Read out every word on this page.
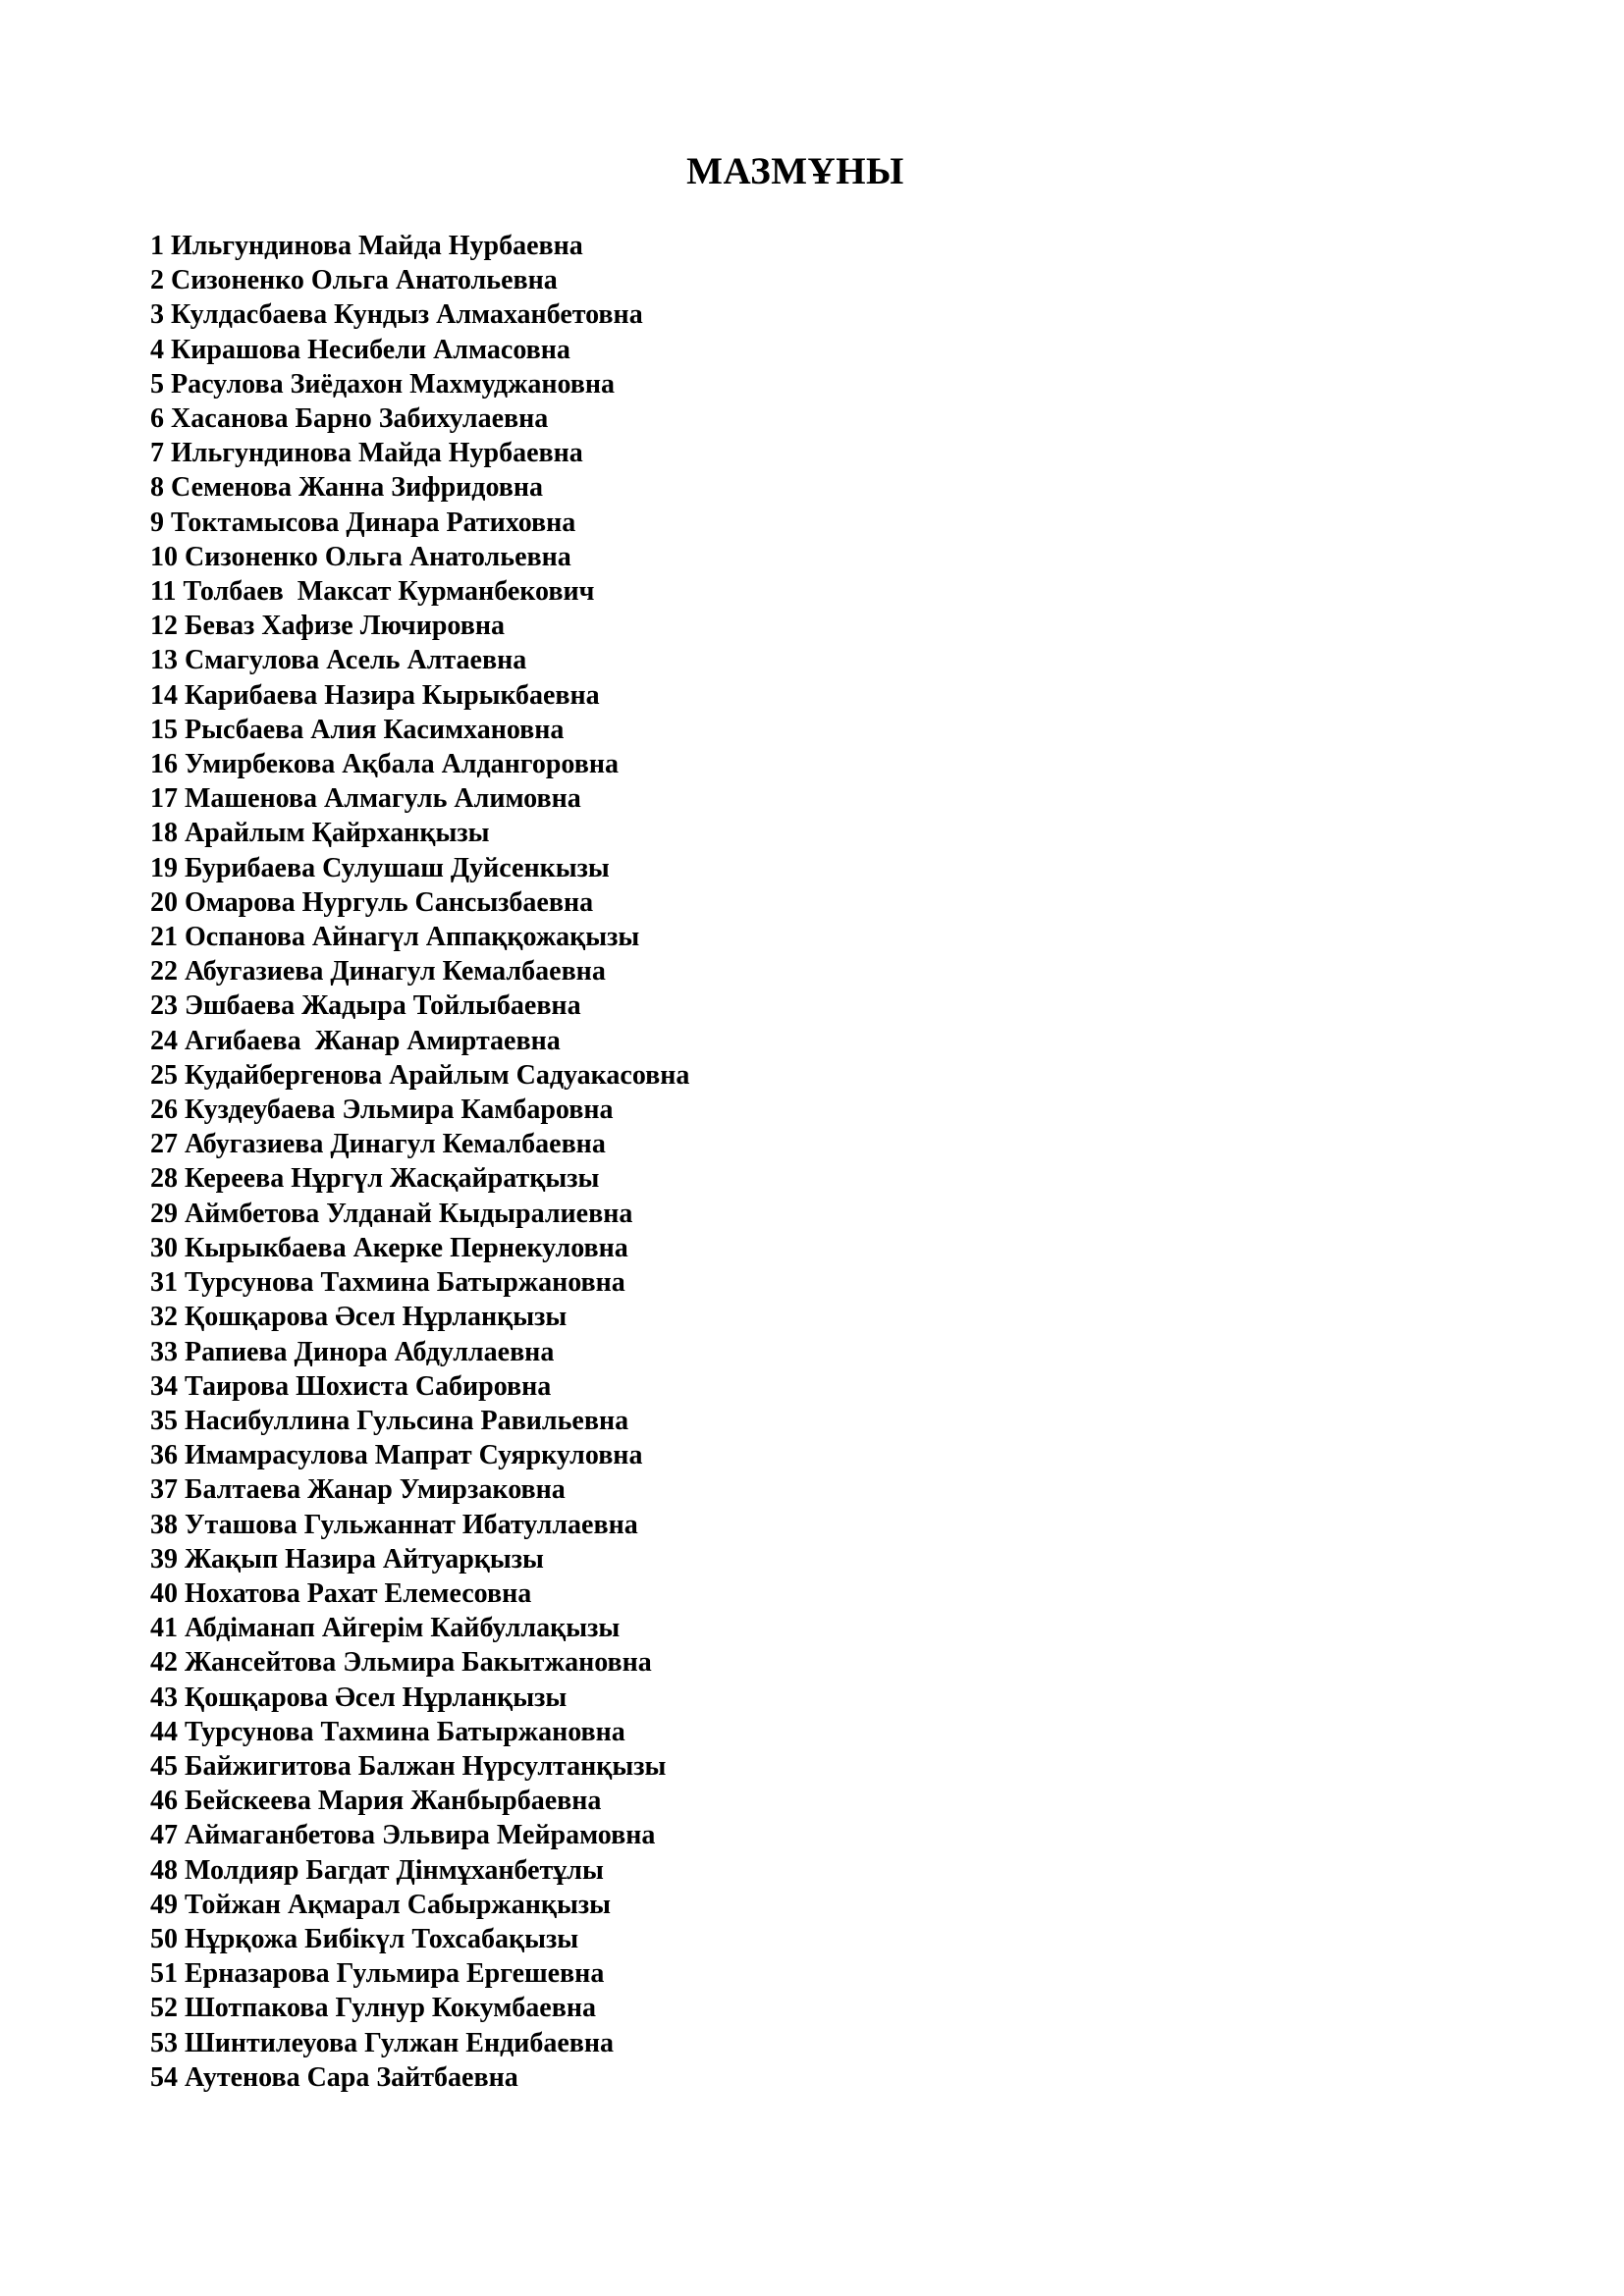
МАЗМҰНЫ
1 Ильгундинова Майда Нурбаевна
2 Сизоненко Ольга Анатольевна
3 Кулдасбаева Кундыз Алмаханбетовна
4 Кирашова Несибели Алмасовна
5 Расулова Зиёдахон Махмуджановна
6 Хасанова Барно Забихулаевна
7 Ильгундинова Майда Нурбаевна
8 Семенова Жанна Зифридовна
9 Токтамысова Динара Ратиховна
10 Сизоненко Ольга Анатольевна
11 Толбаев  Максат Курманбекович
12 Беваз Хафизе Лючировна
13 Смагулова Асель Алтаевна
14 Карибаева Назира Кырыкбаевна
15 Рысбаева Алия Касимхановна
16 Умирбекова Ақбала Алдангоровна
17 Машенова Алмагуль Алимовна
18 Арайлым Қайрханқызы
19 Бурибаева Сулушаш Дуйсенкызы
20 Омарова Нургуль Сансызбаевна
21 Оспанова Айнагүл Аппаққожақызы
22 Абугазиева Динагул Кемалбаевна
23 Эшбаева Жадыра Тойлыбаевна
24 Агибаева  Жанар Амиртаевна
25 Кудайбергенова Арайлым Садуакасовна
26 Куздеубаева Эльмира Камбаровна
27 Абугазиева Динагул Кемалбаевна
28 Кереева Нұргүл Жасқайратқызы
29 Аймбетова Улданай Кыдыралиевна
30 Кырыкбаева Акерке Пернекуловна
31 Турсунова Тахмина Батыржановна
32 Қошқарова Әсел Нұрланқызы
33 Рапиева Динора Абдуллаевна
34 Таирова Шохиста Сабировна
35 Насибуллина Гульсина Равильевна
36 Имамрасулова Мапрат Суяркуловна
37 Балтаева Жанар Умирзаковна
38 Уташова Гульжаннат Ибатуллаевна
39 Жақып Назира Айтуарқызы
40 Нохатова Рахат Елемесовна
41 Абдіманап Айгерім Кайбуллақызы
42 Жансейтова Эльмира Бакытжановна
43 Қошқарова Әсел Нұрланқызы
44 Турсунова Тахмина Батыржановна
45 Байжигитова Балжан Нүрсултанқызы
46 Бейскеева Мария Жанбырбаевна
47 Аймаганбетова Эльвира Мейрамовна
48 Молдияр Багдат Дінмұханбетұлы
49 Тойжан Ақмарал Сабыржанқызы
50 Нұрқожа Бибікүл Тохсабақызы
51 Ерназарова Гульмира Ергешевна
52 Шотпакова Гулнур Кокумбаевна
53 Шинтилеуова Гулжан Ендибаевна
54 Аутенова Сара Зайтбаевна
